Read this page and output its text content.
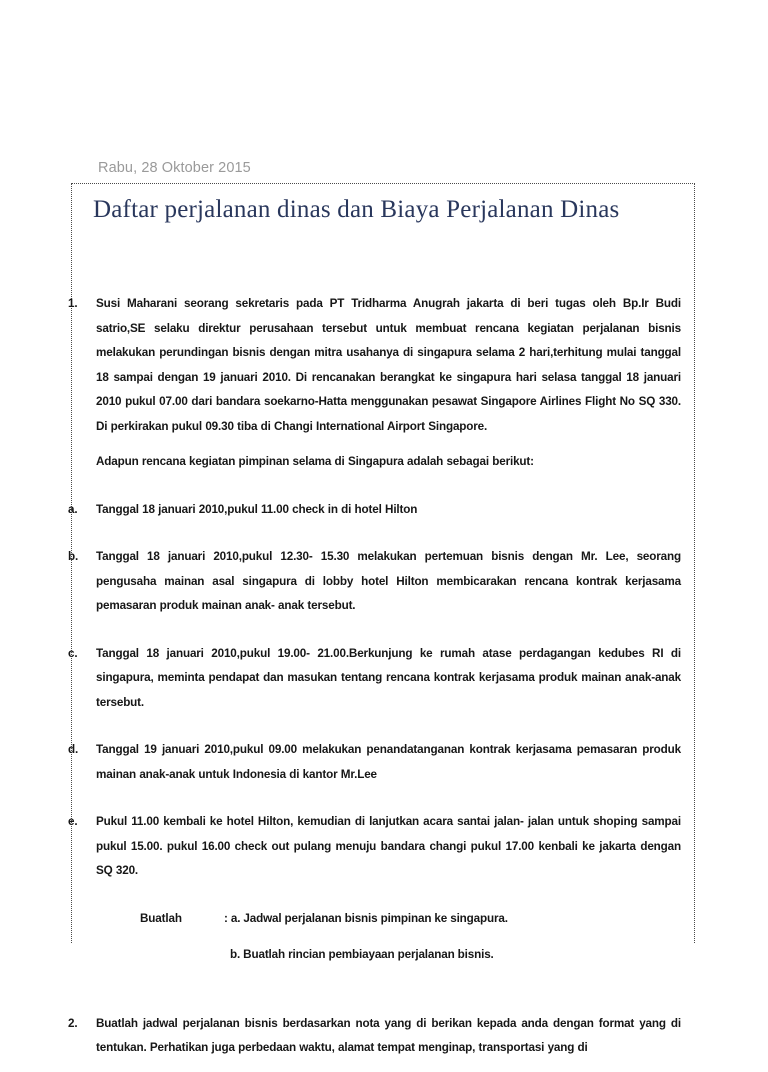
Rabu, 28 Oktober 2015
Daftar perjalanan dinas dan Biaya Perjalanan Dinas
1.	Susi Maharani seorang sekretaris pada PT Tridharma Anugrah jakarta di beri tugas oleh Bp.Ir Budi satrio,SE selaku direktur perusahaan tersebut untuk membuat rencana kegiatan perjalanan bisnis melakukan perundingan bisnis dengan mitra usahanya di singapura selama 2 hari,terhitung mulai tanggal 18 sampai dengan 19 januari 2010. Di rencanakan berangkat ke singapura hari selasa tanggal 18 januari 2010 pukul 07.00 dari bandara soekarno-Hatta menggunakan pesawat Singapore Airlines Flight No SQ 330. Di perkirakan pukul 09.30 tiba di Changi International Airport Singapore.
Adapun rencana kegiatan pimpinan selama di Singapura adalah sebagai berikut:
a.	Tanggal 18 januari 2010,pukul 11.00 check in di hotel Hilton
b.	Tanggal 18 januari 2010,pukul 12.30- 15.30 melakukan pertemuan bisnis dengan Mr. Lee, seorang pengusaha mainan asal singapura di lobby hotel Hilton membicarakan rencana kontrak kerjasama pemasaran produk mainan anak- anak tersebut.
c.	Tanggal 18 januari 2010,pukul 19.00- 21.00.Berkunjung ke rumah atase perdagangan kedubes RI di singapura, meminta pendapat dan masukan tentang rencana kontrak kerjasama produk mainan anak-anak tersebut.
d.	Tanggal 19 januari 2010,pukul 09.00 melakukan penandatanganan kontrak kerjasama pemasaran produk mainan anak-anak untuk Indonesia di kantor Mr.Lee
e.	Pukul 11.00 kembali ke hotel Hilton, kemudian di lanjutkan acara santai jalan- jalan untuk shoping sampai pukul 15.00. pukul 16.00 check out pulang menuju bandara changi pukul 17.00 kenbali ke jakarta dengan SQ 320.
Buatlah	: a. Jadwal perjalanan bisnis pimpinan ke singapura.
b. Buatlah rincian pembiayaan perjalanan bisnis.
2.	Buatlah jadwal perjalanan bisnis berdasarkan nota yang di berikan kepada anda dengan format yang di tentukan. Perhatikan juga perbedaan waktu, alamat tempat menginap, transportasi yang di
